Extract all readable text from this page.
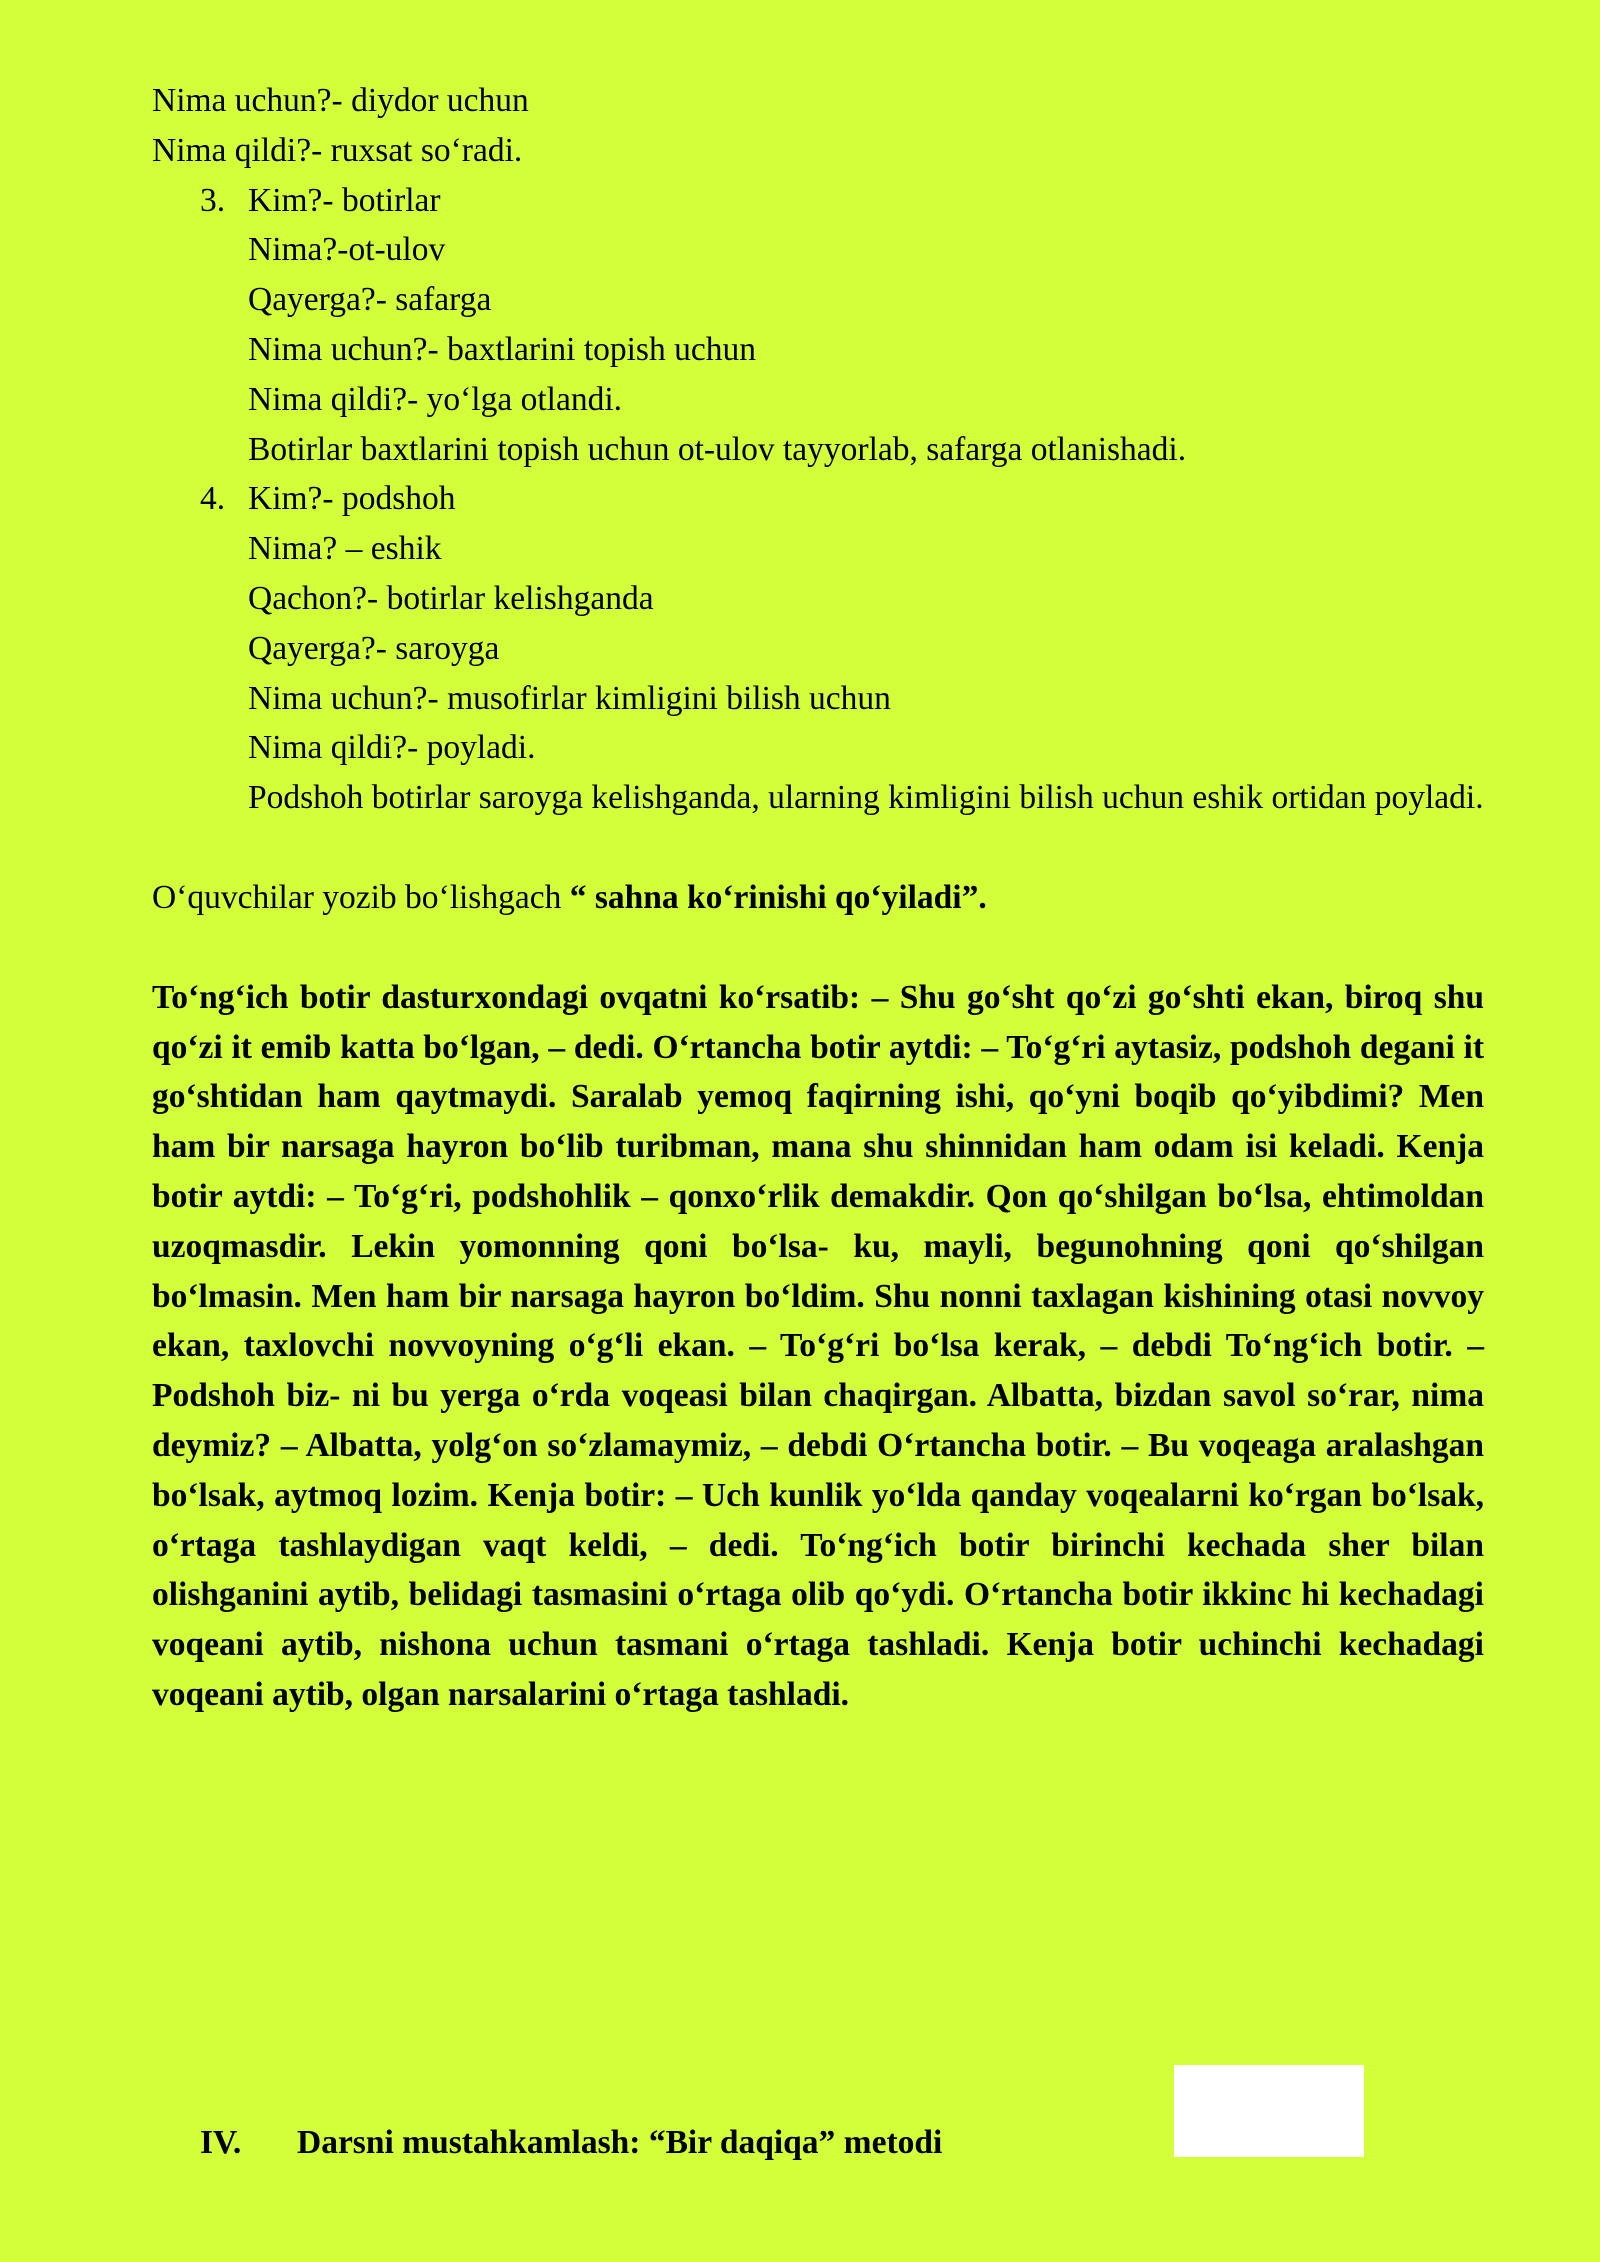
Nima uchun?- diydor uchun
Nima qildi?- ruxsat so‘radi.
3. Kim?- botirlar
Nima?-ot-ulov
Qayerga?- safarga
Nima uchun?- baxtlarini topish uchun
Nima qildi?- yo‘lga otlandi.
Botirlar baxtlarini topish uchun ot-ulov tayyorlab, safarga otlanishadi.
4. Kim?- podshoh
Nima? – eshik
Qachon?- botirlar kelishganda
Qayerga?- saroyga
Nima uchun?- musofirlar kimligini bilish uchun
Nima qildi?- poyladi.
Podshoh botirlar saroyga kelishganda, ularning kimligini bilish uchun eshik ortidan poyladi.
O‘quvchilar yozib bo‘lishgach “ sahna ko‘rinishi qo‘yiladi”.
To‘ng‘ich botir dasturxondagi ovqatni ko‘rsatib: – Shu go‘sht qo‘zi go‘shti ekan, biroq shu qo‘zi it emib katta bo‘lgan, – dedi. O‘rtancha botir aytdi: – To‘g‘ri aytasiz, podshoh degani it go‘shtidan ham qaytmaydi. Saralab yemoq faqirning ishi, qo‘yni boqib qo‘yibdimi? Men ham bir narsaga hayron bo‘lib turibman, mana shu shinnidan ham odam isi keladi. Kenja botir aytdi: – To‘g‘ri, podshohlik – qonxo‘rlik demakdir. Qon qo‘shilgan bo‘lsa, ehtimoldan uzoqmasdir. Lekin yomonning qoni bo‘lsa- ku, mayli, begunohning qoni qo‘shilgan bo‘lmasin. Men ham bir narsaga hayron bo‘ldim. Shu nonni taxlagan kishining otasi novvoy ekan, taxlovchi novvoyning o‘g‘li ekan. – To‘g‘ri bo‘lsa kerak, – debdi To‘ng‘ich botir. – Podshoh biz- ni bu yerga o‘rda voqeasi bilan chaqirgan. Albatta, bizdan savol so‘rar, nima deymiz? – Albatta, yolg‘on so‘zlamaymiz, – debdi O‘rtancha botir. – Bu voqeaga aralashgan bo‘lsak, aytmoq lozim. Kenja botir: – Uch kunlik yo‘lda qanday voqealarni ko‘rgan bo‘lsak, o‘rtaga tashlaydigan vaqt keldi, – dedi. To‘ng‘ich botir birinchi kechada sher bilan olishganini aytib, belidagi tasmasini o‘rtaga olib qo‘ydi. O‘rtancha botir ikkinc hi kechadagi voqeani aytib, nishona uchun tasmani o‘rtaga tashladi. Kenja botir uchinchi kechadagi voqeani aytib, olgan narsalarini o‘rtaga tashladi.
IV. Darsni mustahkamlash: “Bir daqiqa” metodi
